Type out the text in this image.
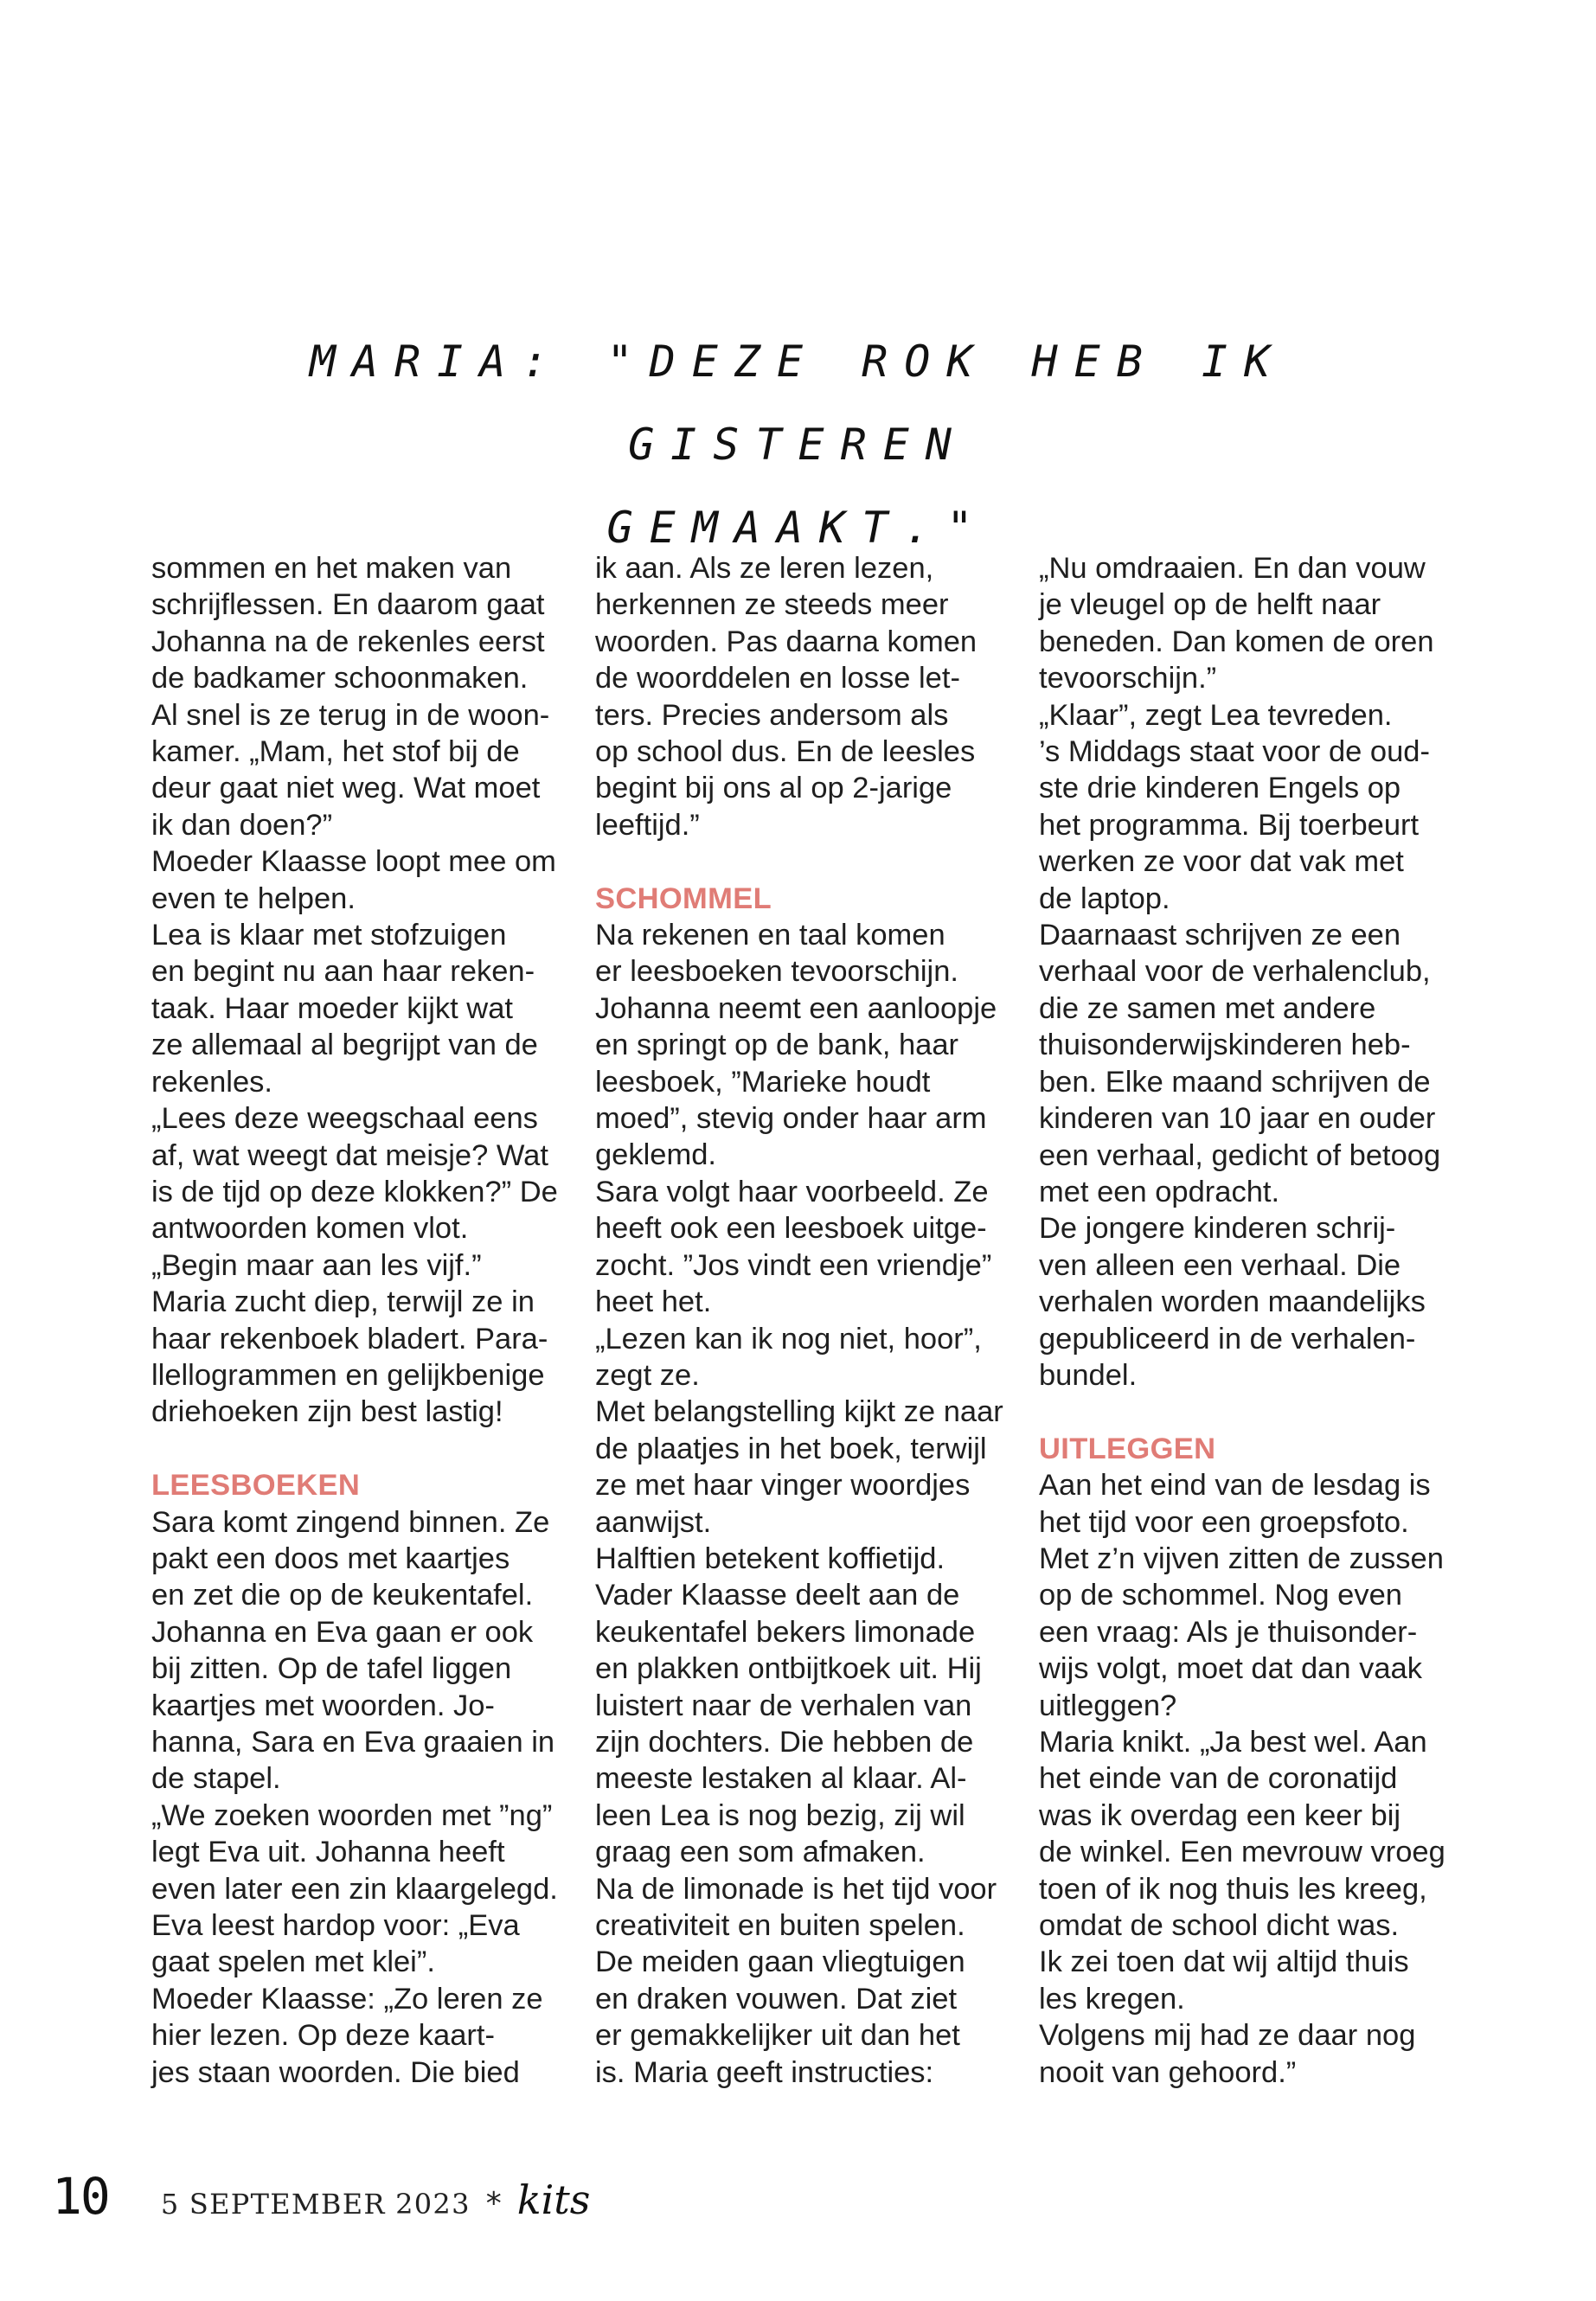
MARIA: "DEZE ROK HEB IK GISTEREN
GEMAAKT."

sommen en het maken van
schrijflessen. En daarom gaat
Johanna na de rekenles eerst
de badkamer schoonmaken.
Al snel is ze terug in de woon-
kamer. „Mam, het stof bij de
deur gaat niet weg. Wat moet
ik dan doen?”
Moeder Klaasse loopt mee om
even te helpen.
Lea is klaar met stofzuigen
en begint nu aan haar reken-
taak. Haar moeder kijkt wat
ze allemaal al begrijpt van de
rekenles.
„Lees deze weegschaal eens
af, wat weegt dat meisje? Wat
is de tijd op deze klokken?” De
antwoorden komen vlot.
„Begin maar aan les vijf.”
Maria zucht diep, terwijl ze in
haar rekenboek bladert. Para-
llellogrammen en gelijkbenige
driehoeken zijn best lastig!

LEESBOEKEN

Sara komt zingend binnen. Ze
pakt een doos met kaartjes
en zet die op de keukentafel.
Johanna en Eva gaan er ook
bij zitten. Op de tafel liggen
kaartjes met woorden. Jo-
hanna, Sara en Eva graaien in
de stapel.
„We zoeken woorden met ”ng”
legt Eva uit. Johanna heeft
even later een zin klaargelegd.
Eva leest hardop voor: „Eva
gaat spelen met klei”.
Moeder Klaasse: „Zo leren ze
hier lezen. Op deze kaart-
jes staan woorden. Die bied

ik aan. Als ze leren lezen,
herkennen ze steeds meer
woorden. Pas daarna komen
de woorddelen en losse let-
ters. Precies andersom als
op school dus. En de leesles
begint bij ons al op 2-jarige
leeftijd.”

SCHOMMEL

Na rekenen en taal komen
er leesboeken tevoorschijn.
Johanna neemt een aanloopje
en springt op de bank, haar
leesboek, ”Marieke houdt
moed”, stevig onder haar arm
geklemd.
Sara volgt haar voorbeeld. Ze
heeft ook een leesboek uitge-
zocht. ”Jos vindt een vriendje”
heet het.
„Lezen kan ik nog niet, hoor”,
zegt ze.
Met belangstelling kijkt ze naar
de plaatjes in het boek, terwijl
ze met haar vinger woordjes
aanwijst.
Halftien betekent koffietijd.
Vader Klaasse deelt aan de
keukentafel bekers limonade
en plakken ontbijtkoek uit. Hij
luistert naar de verhalen van
zijn dochters. Die hebben de
meeste lestaken al klaar. Al-
leen Lea is nog bezig, zij wil
graag een som afmaken.
Na de limonade is het tijd voor
creativiteit en buiten spelen.
De meiden gaan vliegtuigen
en draken vouwen. Dat ziet
er gemakkelijker uit dan het
is. Maria geeft instructies:

„Nu omdraaien. En dan vouw
je vleugel op de helft naar
beneden. Dan komen de oren
tevoorschijn.”
„Klaar”, zegt Lea tevreden.
’s Middags staat voor de oud-
ste drie kinderen Engels op
het programma. Bij toerbeurt
werken ze voor dat vak met
de laptop.
Daarnaast schrijven ze een
verhaal voor de verhalenclub,
die ze samen met andere
thuisonderwijskinderen heb-
ben. Elke maand schrijven de
kinderen van 10 jaar en ouder
een verhaal, gedicht of betoog
met een opdracht.
De jongere kinderen schrij-
ven alleen een verhaal. Die
verhalen worden maandelijks
gepubliceerd in de verhalen-
bundel.

UITLEGGEN

Aan het eind van de lesdag is
het tijd voor een groepsfoto.
Met z’n vijven zitten de zussen
op de schommel. Nog even
een vraag: Als je thuisonder-
wijs volgt, moet dat dan vaak
uitleggen?
Maria knikt. „Ja best wel. Aan
het einde van de coronatijd
was ik overdag een keer bij
de winkel. Een mevrouw vroeg
toen of ik nog thuis les kreeg,
omdat de school dicht was.
Ik zei toen dat wij altijd thuis
les kregen.
Volgens mij had ze daar nog
nooit van gehoord.”

10 5 SEPTEMBER 2023 * kits
